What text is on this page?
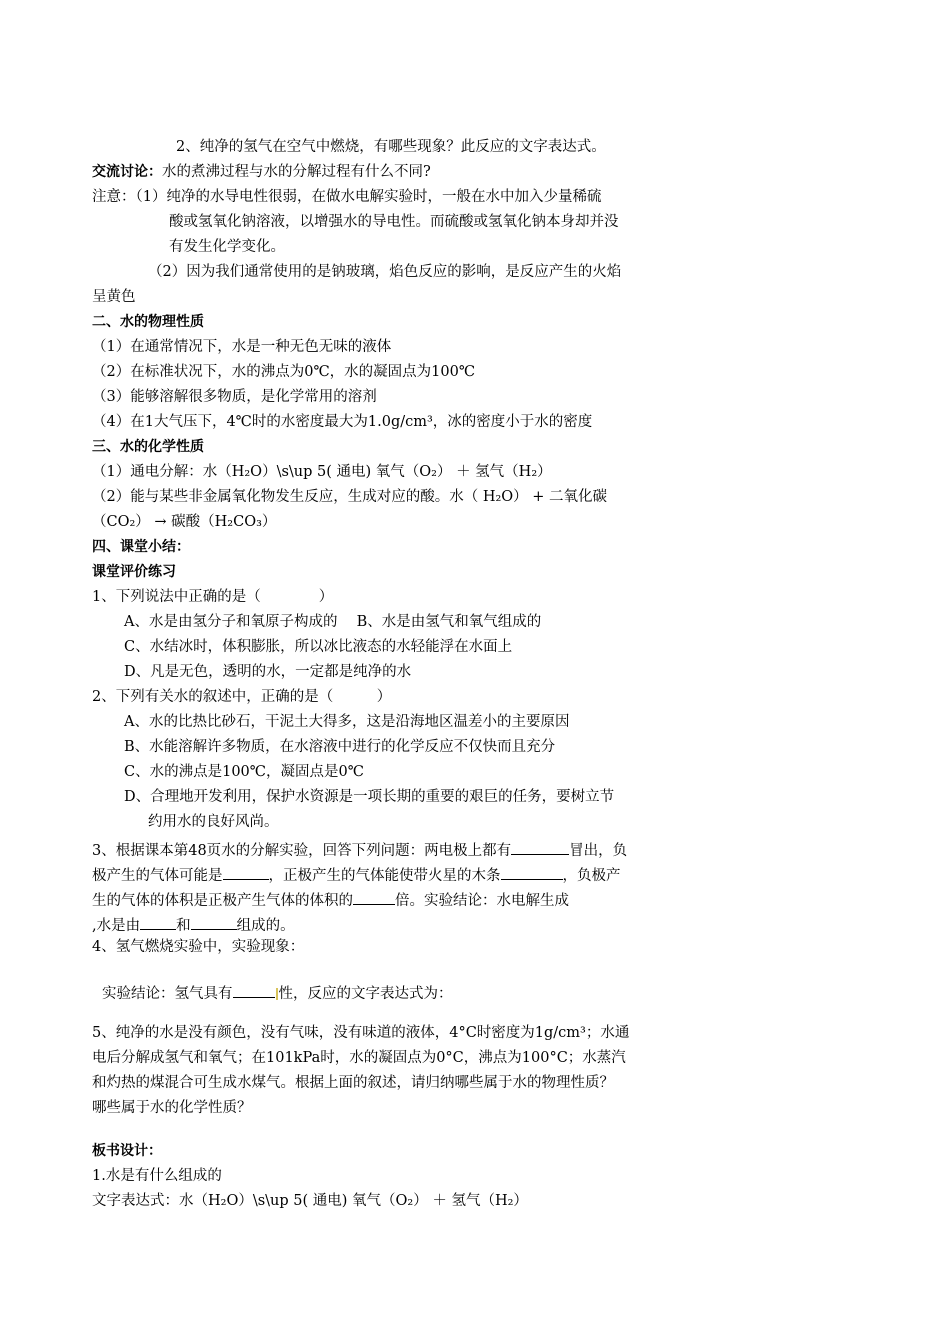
2、纯净的氢气在空气中燃烧，有哪些现象？此反应的文字表达式。
交流讨论：水的煮沸过程与水的分解过程有什么不同?
注意：（1）纯净的水导电性很弱，在做水电解实验时，一般在水中加入少量稀硫
酸或氢氧化钠溶液，以增强水的导电性。而硫酸或氢氧化钠本身却并没
有发生化学变化。
（2）因为我们通常使用的是钠玻璃，焰色反应的影响，是反应产生的火焰
呈黄色
二、水的物理性质
（1）在通常情况下，水是一种无色无味的液体
（2）在标准状况下，水的沸点为0℃，水的凝固点为100℃
（3）能够溶解很多物质，是化学常用的溶剂
（4）在1大气压下，4℃时的水密度最大为1.0g/cm³，冰的密度小于水的密度
三、水的化学性质
（1）通电分解：水（H₂O）\s\up 5( 通电) 氧气（O₂） ＋ 氢气（H₂）
（2）能与某些非金属氧化物发生反应，生成对应的酸。水（ H₂O） + 二氧化碳
（CO₂） → 碳酸（H₂CO₃）
四、课堂小结：
课堂评价练习
1、下列说法中正确的是（　　　　）
A、水是由氢分子和氧原子构成的　 B、水是由氢气和氧气组成的
C、水结冰时，体积膨胀，所以冰比液态的水轻能浮在水面上
D、凡是无色，透明的水，一定都是纯净的水
2、下列有关水的叙述中，正确的是（　　　）
A、水的比热比砂石，干泥土大得多，这是沿海地区温差小的主要原因
B、水能溶解许多物质，在水溶液中进行的化学反应不仅快而且充分
C、水的沸点是100℃，凝固点是0℃
D、合理地开发利用，保护水资源是一项长期的重要的艰巨的任务，要树立节
约用水的良好风尚。
3、根据课本第48页水的分解实验，回答下列问题：两电极上都有	冒出，负
极产生的气体可能是	，正极产生的气体能使带火星的木条	，负极产
生的气体的体积是正极产生气体的体积的	倍。实验结论：水电解生成
,水是由 和	组成的。
4、氢气燃烧实验中，实验现象：
实验结论：氢气具有	性，反应的文字表达式为：
5、纯净的水是没有颜色，没有气味，没有味道的液体，4°C时密度为1g/cm³；水通
电后分解成氢气和氧气；在101kPa时，水的凝固点为0°C，沸点为100°C；水蒸汽
和灼热的煤混合可生成水煤气。根据上面的叙述，请归纳哪些属于水的物理性质？
哪些属于水的化学性质？
板书设计：
1.水是有什么组成的
文字表达式：水（H₂O）\s\up 5( 通电) 氧气（O₂） ＋ 氢气（H₂）
